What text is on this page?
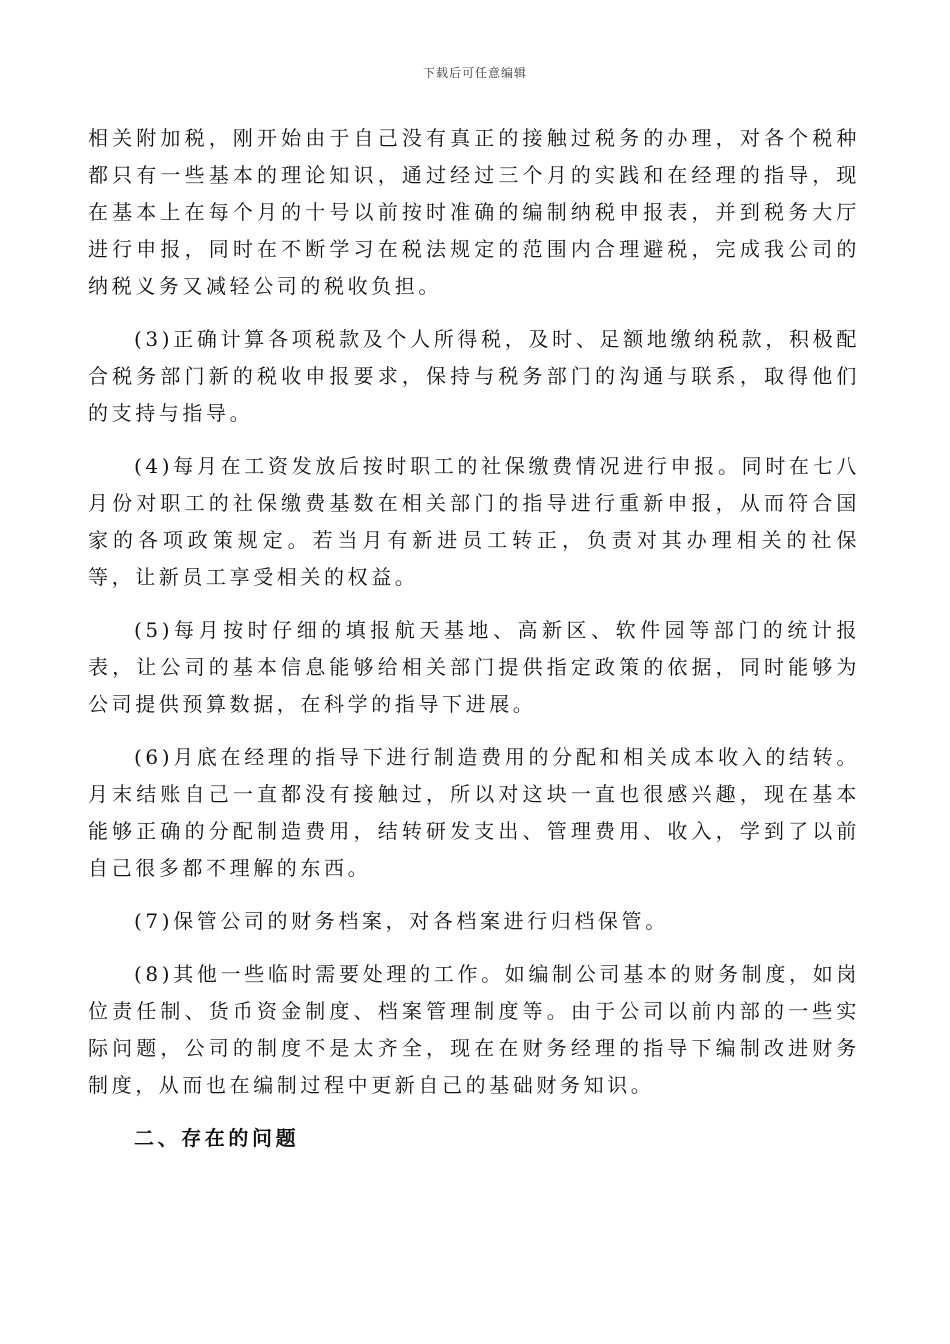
下载后可任意编辑

相关附加税，刚开始由于自己没有真正的接触过税务的办理，对各个税种都只有一些基本的理论知识，通过经过三个月的实践和在经理的指导，现在基本上在每个月的十号以前按时准确的编制纳税申报表，并到税务大厅进行申报，同时在不断学习在税法规定的范围内合理避税，完成我公司的纳税义务又减轻公司的税收负担。

(3)正确计算各项税款及个人所得税，及时、足额地缴纳税款，积极配合税务部门新的税收申报要求，保持与税务部门的沟通与联系，取得他们的支持与指导。

(4)每月在工资发放后按时职工的社保缴费情况进行申报。同时在七八月份对职工的社保缴费基数在相关部门的指导进行重新申报，从而符合国家的各项政策规定。若当月有新进员工转正，负责对其办理相关的社保等，让新员工享受相关的权益。

(5)每月按时仔细的填报航天基地、高新区、软件园等部门的统计报表，让公司的基本信息能够给相关部门提供指定政策的依据，同时能够为公司提供预算数据，在科学的指导下进展。

(6)月底在经理的指导下进行制造费用的分配和相关成本收入的结转。月末结账自己一直都没有接触过，所以对这块一直也很感兴趣，现在基本能够正确的分配制造费用，结转研发支出、管理费用、收入，学到了以前自己很多都不理解的东西。

(7)保管公司的财务档案，对各档案进行归档保管。

(8)其他一些临时需要处理的工作。如编制公司基本的财务制度，如岗位责任制、货币资金制度、档案管理制度等。由于公司以前内部的一些实际问题，公司的制度不是太齐全，现在在财务经理的指导下编制改进财务制度，从而也在编制过程中更新自己的基础财务知识。

二、存在的问题
